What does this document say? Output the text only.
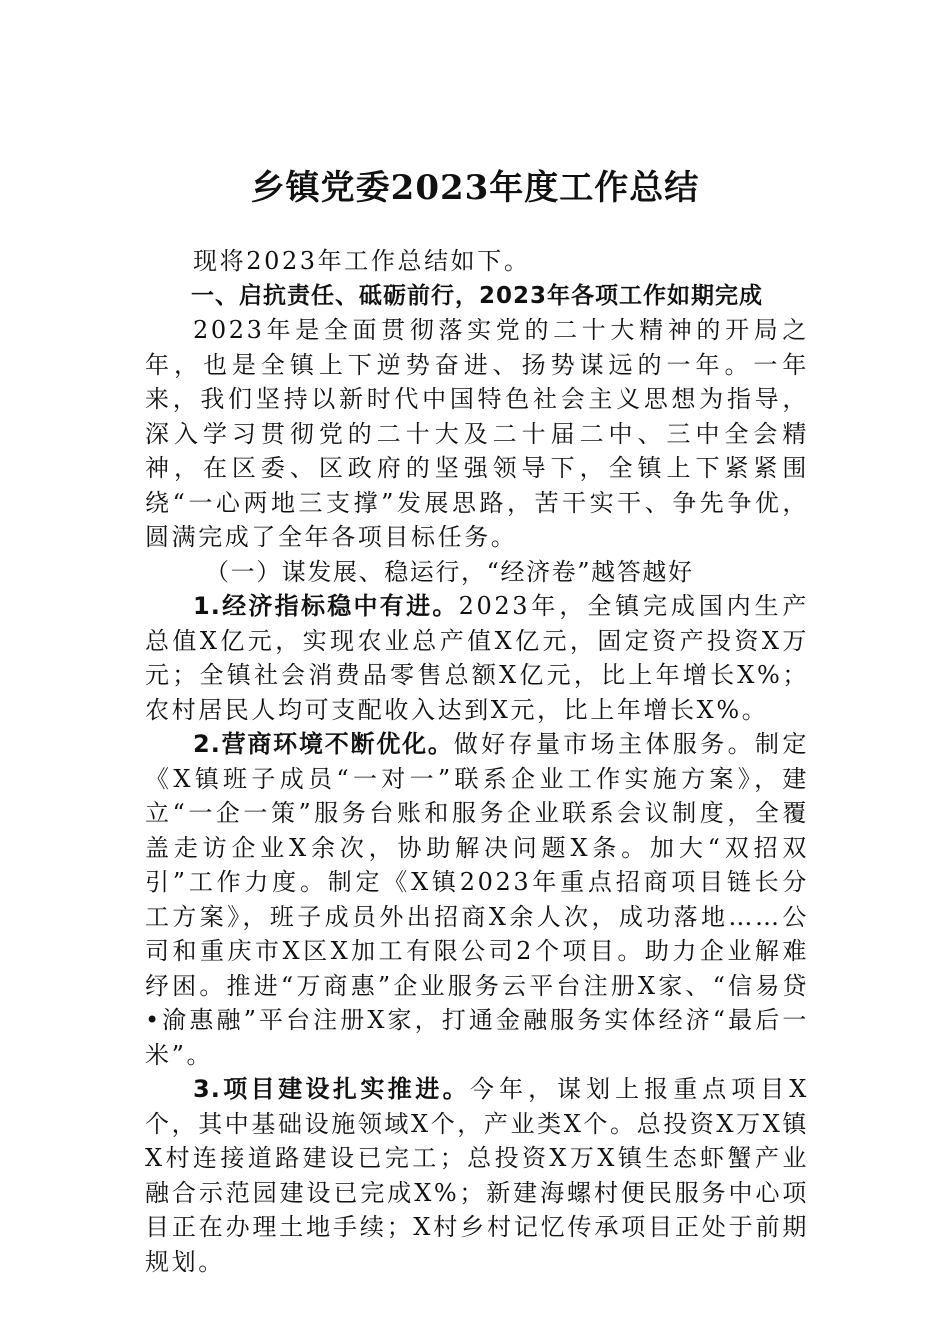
乡镇党委2023年度工作总结

现将2023年工作总结如下。

一、启抗责任、砥砺前行，2023年各项工作如期完成

2023年是全面贯彻落实党的二十大精神的开局之年，也是全镇上下逆势奋进、扬势谋远的一年。一年来，我们坚持以新时代中国特色社会主义思想为指导，深入学习贯彻党的二十大及二十届二中、三中全会精神，在区委、区政府的坚强领导下，全镇上下紧紧围绕“一心两地三支撑”发展思路，苦干实干、争先争优，圆满完成了全年各项目标任务。

（一）谋发展、稳运行，“经济卷”越答越好

1.经济指标稳中有进。2023年，全镇完成国内生产总值X亿元，实现农业总产值X亿元，固定资产投资X万元；全镇社会消费品零售总额X亿元，比上年增长X%；农村居民人均可支配收入达到X元，比上年增长X%。

2.营商环境不断优化。做好存量市场主体服务。制定《X镇班子成员“一对一”联系企业工作实施方案》，建立“一企一策”服务台账和服务企业联系会议制度，全覆盖走访企业X余次，协助解决问题X条。加大“双招双引”工作力度。制定《X镇2023年重点招商项目链长分工方案》，班子成员外出招商X余人次，成功落地……公司和重庆市X区X加工有限公司2个项目。助力企业解难纾困。推进“万商惠”企业服务云平台注册X家、“信易贷•渝惠融”平台注册X家，打通金融服务实体经济“最后一米”。

3.项目建设扎实推进。今年，谋划上报重点项目X个，其中基础设施领域X个，产业类X个。总投资X万X镇X村连接道路建设已完工；总投资X万X镇生态虾蟹产业融合示范园建设已完成X%；新建海螺村便民服务中心项目正在办理土地手续；X村乡村记忆传承项目正处于前期规划。
